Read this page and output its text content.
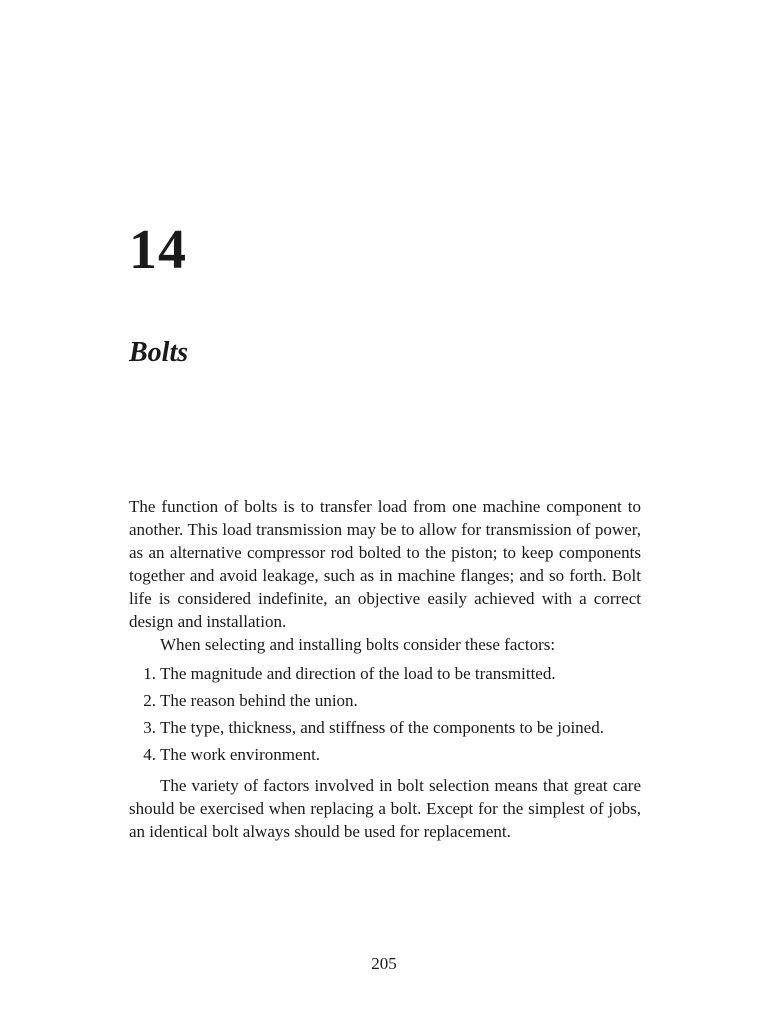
14
Bolts

The function of bolts is to transfer load from one machine component to another. This load transmission may be to allow for transmission of power, as an alternative compressor rod bolted to the piston; to keep components together and avoid leakage, such as in machine flanges; and so forth. Bolt life is considered indefinite, an objective easily achieved with a correct design and installation.

When selecting and installing bolts consider these factors:

1 . The magnitude and direction of the load to be transmitted.
2 . The reason behind the union.
3 . The type, thickness, and stiffness of the components to be joined.
4 . The work environment.

The variety of factors involved in bolt selection means that great care should be exercised when replacing a bolt. Except for the simplest of jobs, an identical bolt always should be used for replacement.

205
